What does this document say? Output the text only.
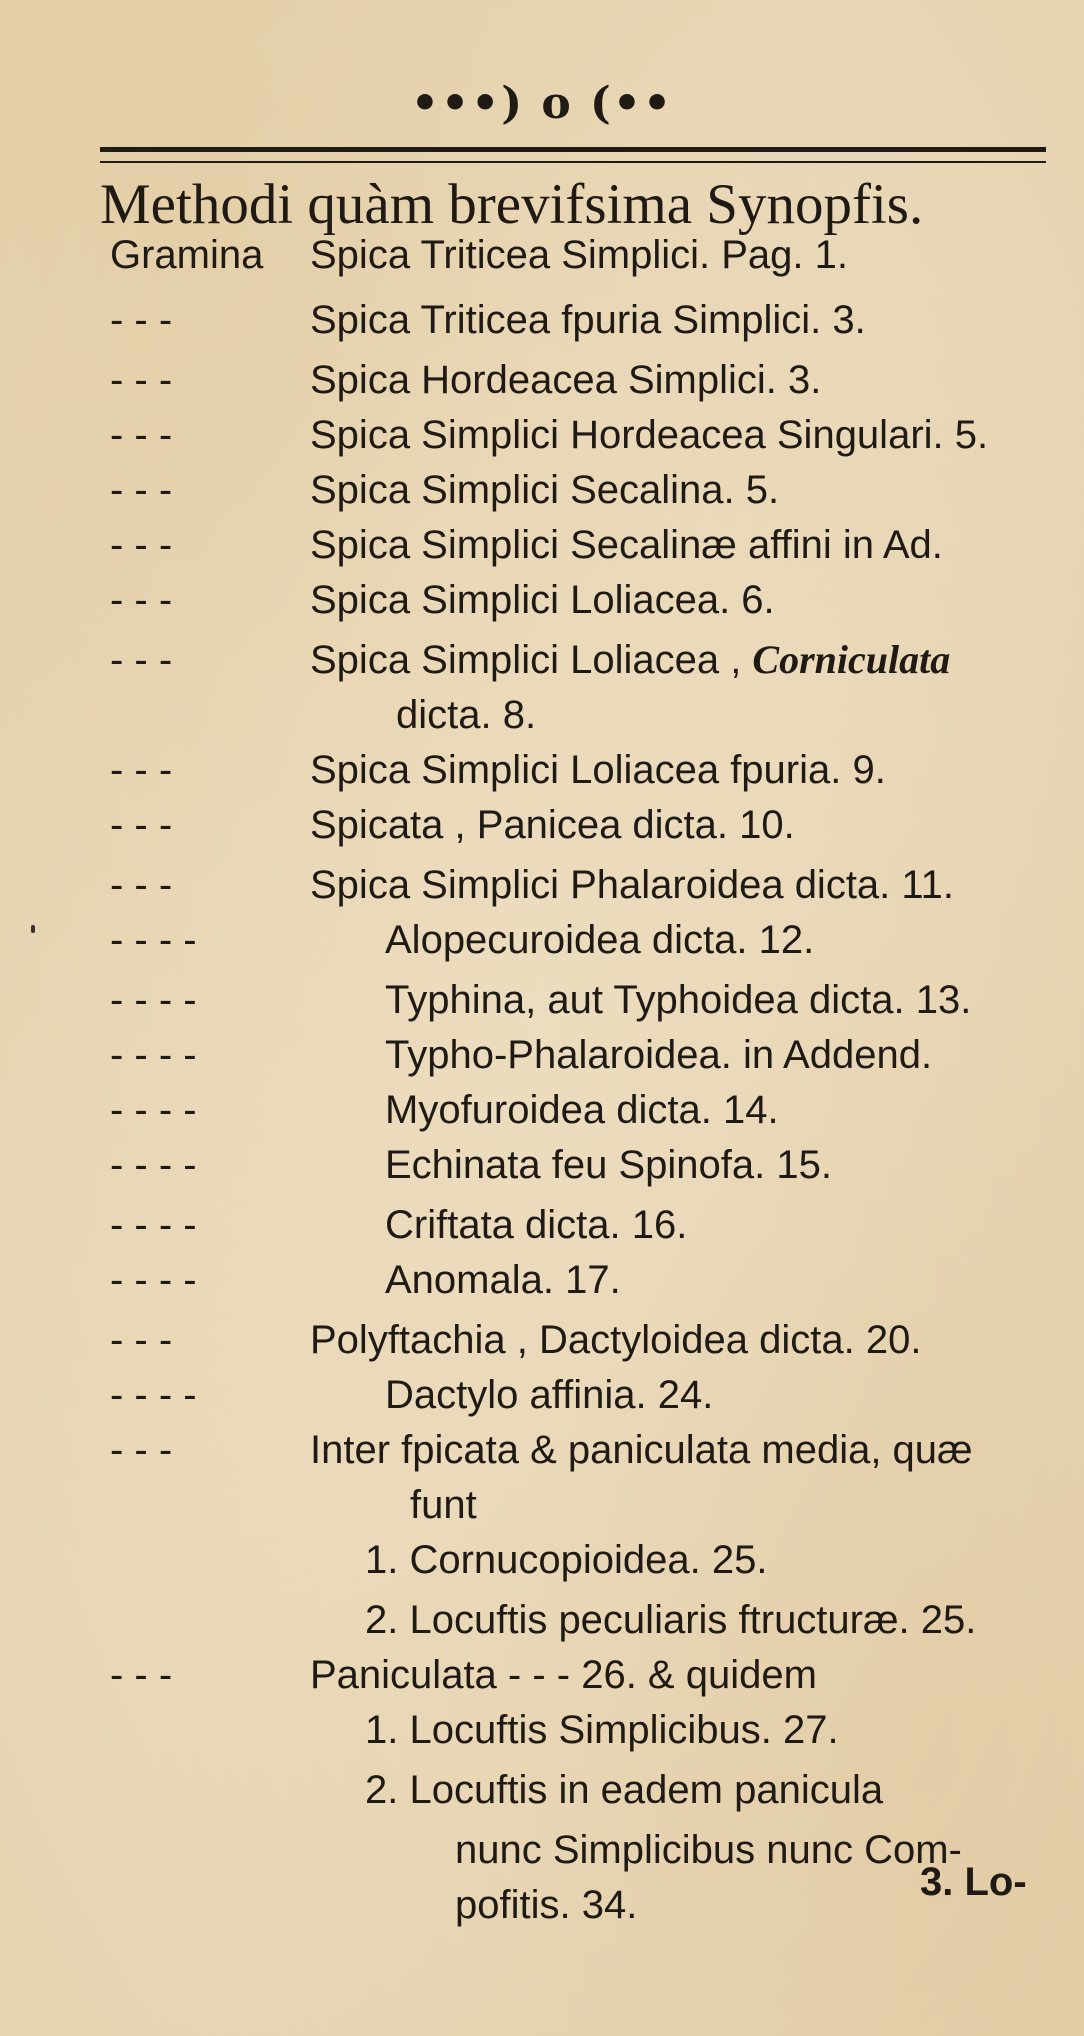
•••) o (••
Methodi quàm brevifsima Synopfis.
Gramina Spica Triticea Simplici. Pag. 1.
- - -	Spica Triticea fpuria Simplici. 3.
- - -	Spica Hordeacea Simplici. 3.
- - -	Spica Simplici Hordeacea Singulari. 5.
- - -	Spica Simplici Secalina. 5.
- - -	Spica Simplici Secalinæ affini in Ad.
- - -	Spica Simplici Loliacea. 6.
- - -	Spica Simplici Loliacea , Corniculata
dicta. 8.
- - -	Spica Simplici Loliacea fpuria. 9.
- - -	Spicata , Panicea dicta. 10.
- - -	Spica Simplici Phalaroidea dicta. 11.
- - - -	Alopecuroidea dicta. 12.
- - - -	Typhina, aut Typhoidea dicta. 13.
- - - -	Typho-Phalaroidea. in Addend.
- - - -	Myofuroidea dicta. 14.
- - - -	Echinata feu Spinofa. 15.
- - - -	Criftata dicta. 16.
- - - -	Anomala. 17.
- - -	Polyftachia , Dactyloidea dicta. 20.
- - - -	Dactylo affinia. 24.
- - -	Inter fpicata & paniculata media, quæ
funt
1. Cornucopioidea. 25.
2. Locuftis peculiaris ftructuræ. 25.
- - -	Paniculata - - - 26. & quidem
1. Locuftis Simplicibus. 27.
2. Locuftis in eadem panicula
nunc Simplicibus nunc Com-
pofitis. 34.
3. Lo-
